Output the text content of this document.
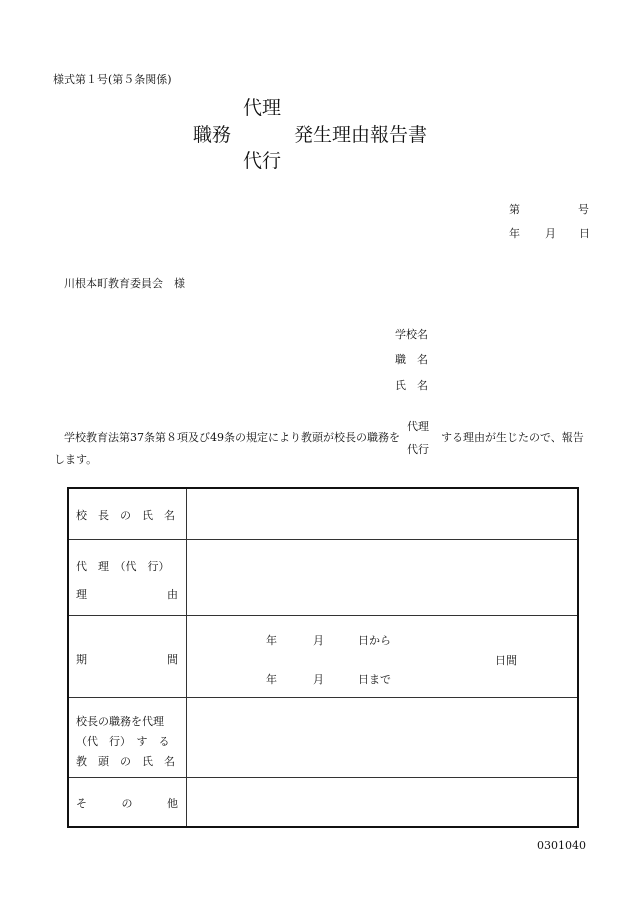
様式第１号(第５条関係)
代理
職務	発生理由報告書
代行
第	号
年 月 日
川根本町教育委員会　様
学校名
職　名
氏　名
学校教育法第37条第８項及び49条の規定により教頭が校長の職務を
代理
代行
する理由が生じたので、報告
します。
校　長　の　氏　名
代　理　（代　行）
理	由
期	間
年	月	日から
年	月	日まで
日間
校長の職務を代理
（代　行）　す　る
教　頭　の　氏　名
そ	の	他
0301040
